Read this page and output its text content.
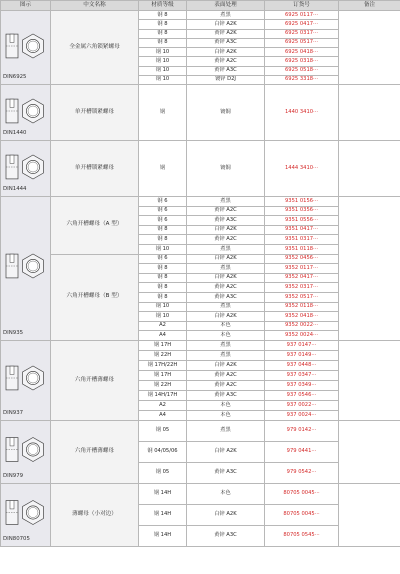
图示	中文名称	材质等级	表面处理	订货号	备注

DIN6925	全金属六角锁紧螺母	钢 8	煮黑	6925 0117···	
		钢 8	白锌 A2K	6925 0417···	
		钢 8	黄锌 A2K	6925 0317···	
		钢 8	黄锌 A3C	6925 0517···	
		钢 10	白锌 A2K	6925 0418···	
		钢 10	黄锌 A2C	6925 0318···	
		钢 10	黄锌 A3C	6925 0518···	
		钢 10	镀锌 D2J	6925 3318···	

DIN1440	单开槽锁紧螺母	钢	镀铜	1440 3410···	

DIN1444	单开槽锁紧螺母	钢	镀铜	1444 3410···	

DIN935	六角开槽螺母（A 型）	钢 6	煮黑	9351 0156···	
		钢 6	黄锌 A2C	9351 0356···	
		钢 6	黄锌 A3C	9351 0556···	
		钢 8	白锌 A2K	9351 0417···	
		钢 8	黄锌 A2C	9351 0317···	
		钢 10	煮黑	9351 0118···	
	六角开槽螺母（B 型）	钢 6	白锌 A2K	9352 0456···	
		钢 8	煮黑	9352 0117···	
		钢 8	白锌 A2K	9352 0417···	
		钢 8	黄锌 A2C	9352 0317···	
		钢 8	黄锌 A3C	9352 0517···	
		钢 10	煮黑	9352 0118···	
		钢 10	白锌 A2K	9352 0418···	
		A2	本色	9352 0022···	
		A4	本色	9352 0024···	

DIN937	六角开槽薄螺母	钢 17H	煮黑	937 0147···	
		钢 22H	煮黑	937 0149···	
		钢 17H/22H	白锌 A2K	937 0448···	
		钢 17H	黄锌 A2C	937 0347···	
		钢 22H	黄锌 A2C	937 0349···	
		钢 14H/17H	黄锌 A3C	937 0546···	
		A2	本色	937 0022···	
		A4	本色	937 0024···	

DIN979	六角开槽薄螺母	钢 05	煮黑	979 0142···	
		钢 04/05/06	白锌 A2K	979 0441···	
		钢 05	黄锌 A3C	979 0542···	

DIN80705	薄螺母（小对边）	钢 14H	本色	80705 0045···	
		钢 14H	白锌 A2K	80705 0045···	
		钢 14H	黄锌 A3C	80705 0545···	
